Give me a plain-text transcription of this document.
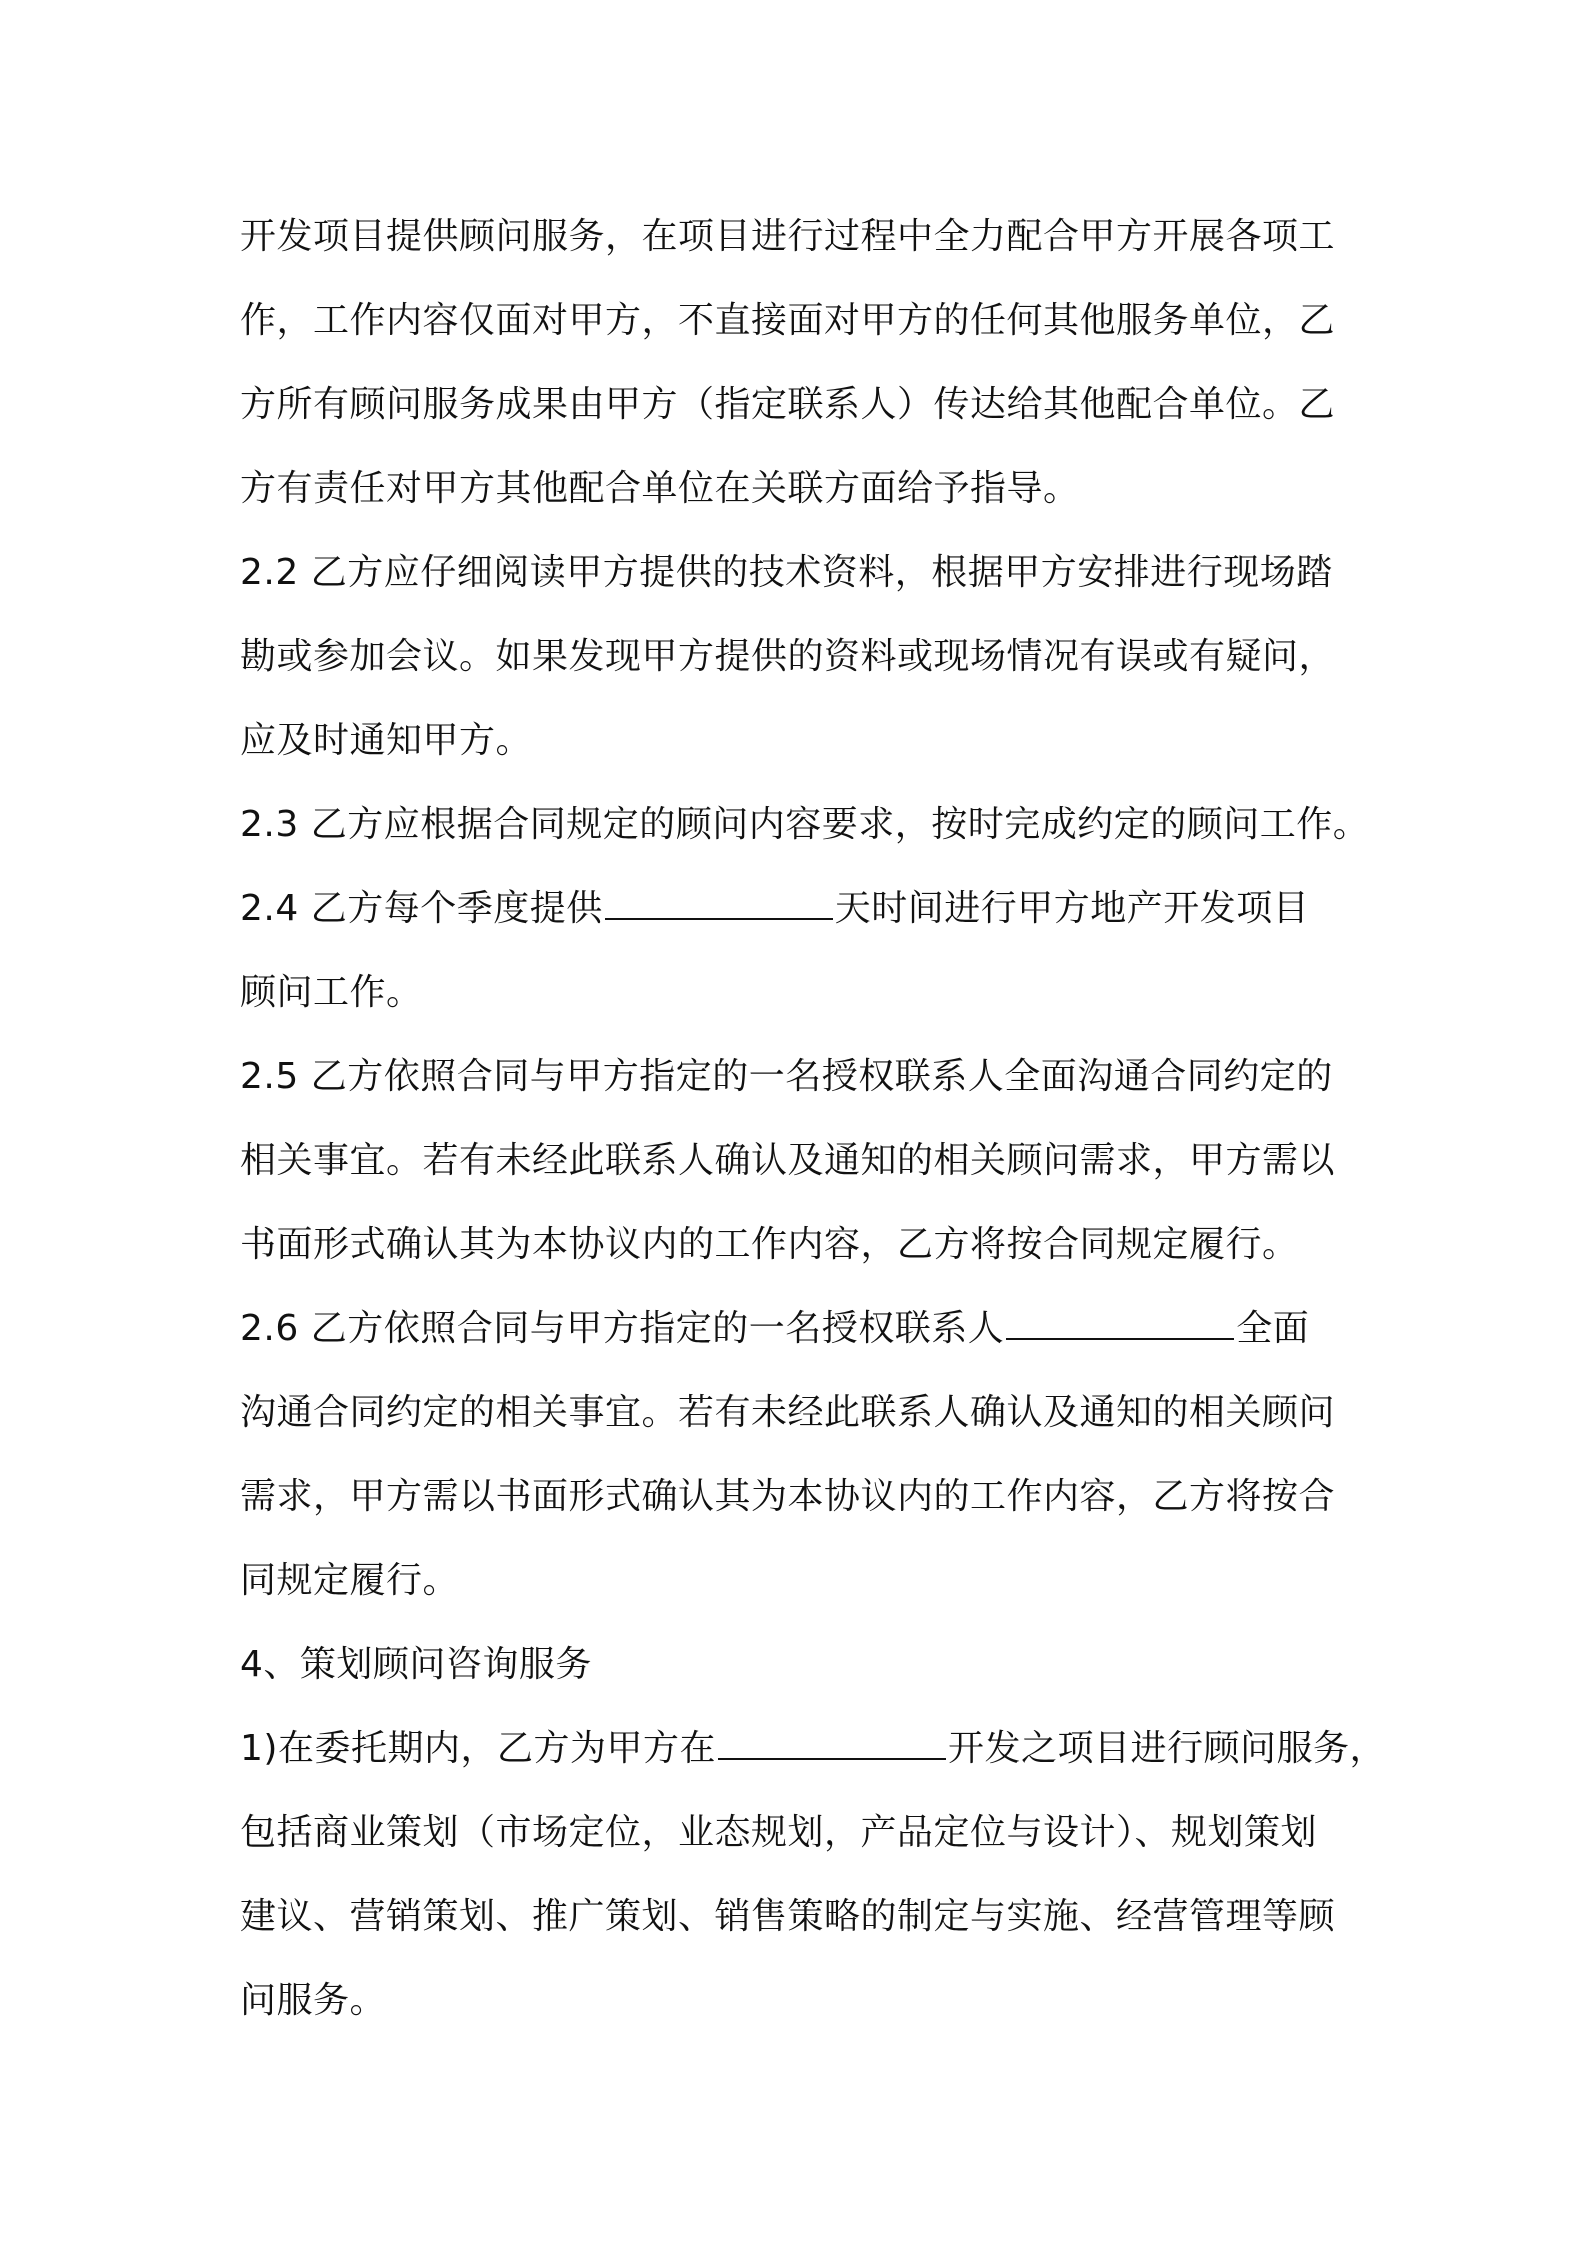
开发项目提供顾问服务，在项目进行过程中全力配合甲方开展各项工
作，工作内容仅面对甲方，不直接面对甲方的任何其他服务单位，乙
方所有顾问服务成果由甲方（指定联系人）传达给其他配合单位。乙
方有责任对甲方其他配合单位在关联方面给予指导。
2.2 乙方应仔细阅读甲方提供的技术资料，根据甲方安排进行现场踏
勘或参加会议。如果发现甲方提供的资料或现场情况有误或有疑问，
应及时通知甲方。
2.3 乙方应根据合同规定的顾问内容要求，按时完成约定的顾问工作。
2.4 乙方每个季度提供	天时间进行甲方地产开发项目
顾问工作。
2.5 乙方依照合同与甲方指定的一名授权联系人全面沟通合同约定的
相关事宜。若有未经此联系人确认及通知的相关顾问需求，甲方需以
书面形式确认其为本协议内的工作内容，乙方将按合同规定履行。
2.6 乙方依照合同与甲方指定的一名授权联系人	全面
沟通合同约定的相关事宜。若有未经此联系人确认及通知的相关顾问
需求，甲方需以书面形式确认其为本协议内的工作内容，乙方将按合
同规定履行。
4、策划顾问咨询服务
1)在委托期内，乙方为甲方在	开发之项目进行顾问服务，
包括商业策划（市场定位，业态规划，产品定位与设计）、规划策划
建议、营销策划、推广策划、销售策略的制定与实施、经营管理等顾
问服务。
